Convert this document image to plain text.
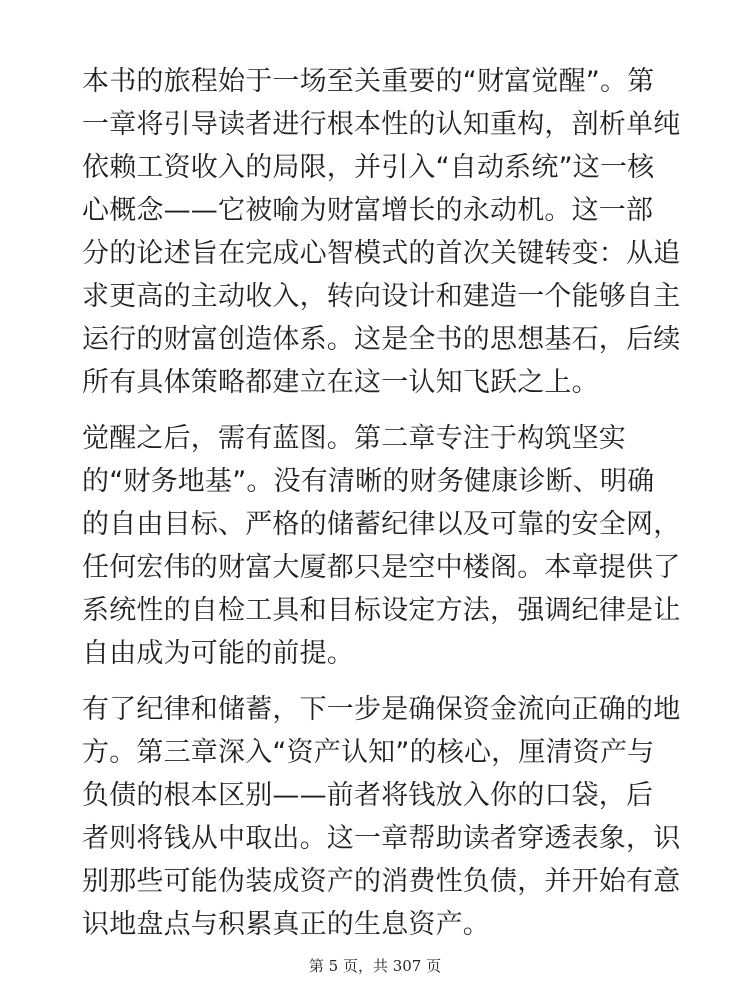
本书的旅程始于一场至关重要的“财富觉醒”。第
一章将引导读者进行根本性的认知重构，剖析单纯
依赖工资收入的局限，并引入“自动系统”这一核
心概念——它被喻为财富增长的永动机。这一部
分的论述旨在完成心智模式的首次关键转变：从追
求更高的主动收入，转向设计和建造一个能够自主
运行的财富创造体系。这是全书的思想基石，后续
所有具体策略都建立在这一认知飞跃之上。
觉醒之后，需有蓝图。第二章专注于构筑坚实
的“财务地基”。没有清晰的财务健康诊断、明确
的自由目标、严格的储蓄纪律以及可靠的安全网，
任何宏伟的财富大厦都只是空中楼阁。本章提供了
系统性的自检工具和目标设定方法，强调纪律是让
自由成为可能的前提。
有了纪律和储蓄，下一步是确保资金流向正确的地
方。第三章深入“资产认知”的核心，厘清资产与
负债的根本区别——前者将钱放入你的口袋，后
者则将钱从中取出。这一章帮助读者穿透表象，识
别那些可能伪装成资产的消费性负债，并开始有意
识地盘点与积累真正的生息资产。
第 5 页，共 307 页
